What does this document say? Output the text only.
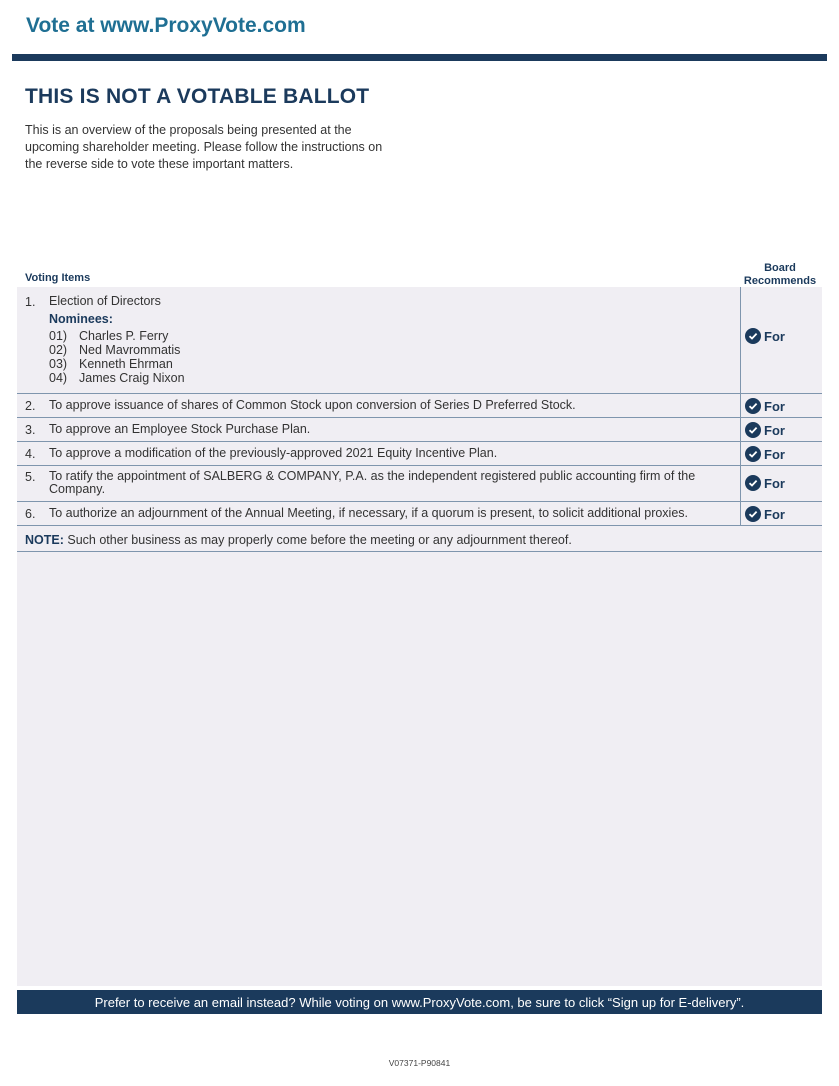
Vote at www.ProxyVote.com
THIS IS NOT A VOTABLE BALLOT
This is an overview of the proposals being presented at the
upcoming shareholder meeting. Please follow the instructions on
the reverse side to vote these important matters.
Voting Items
Board
Recommends
1. Election of Directors
Nominees:
01) Charles P. Ferry
02) Ned Mavrommatis
03) Kenneth Ehrman
04) James Craig Nixon
For
2. To approve issuance of shares of Common Stock upon conversion of Series D Preferred Stock.	For
3. To approve an Employee Stock Purchase Plan.	For
4. To approve a modification of the previously-approved 2021 Equity Incentive Plan.	For
5. To ratify the appointment of SALBERG & COMPANY, P.A. as the independent registered public accounting firm of the
Company.	For
6. To authorize an adjournment of the Annual Meeting, if necessary, if a quorum is present, to solicit additional proxies.	For
NOTE: Such other business as may properly come before the meeting or any adjournment thereof.
Prefer to receive an email instead? While voting on www.ProxyVote.com, be sure to click “Sign up for E-delivery”.
V07371-P90841
